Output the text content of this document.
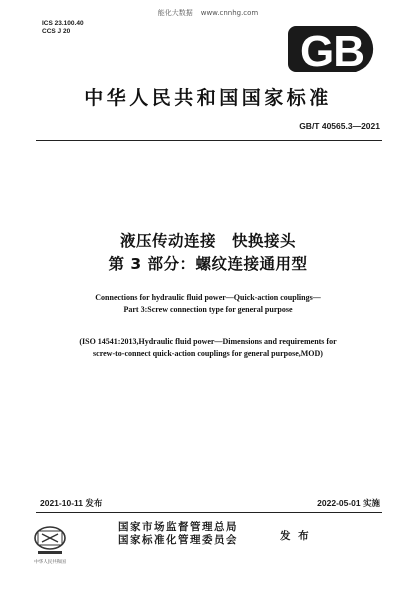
能化大数据 www.cnnhg.com
ICS 23.100.40
CCS J 20	GB
中华人民共和国国家标准
GB/T 40565.3—2021
液压传动连接　快换接头
第 3 部分：螺纹连接通用型
Connections for hydraulic fluid power—Quick-action couplings—
Part 3:Screw connection type for general purpose
(ISO 14541:2013,Hydraulic fluid power—Dimensions and requirements for
screw-to-connect quick-action couplings for general purpose,MOD)
2021-10-11 发布	2022-05-01 实施
中华人民共和国
国家市场监督管理总局
国家标准化管理委员会	发 布
